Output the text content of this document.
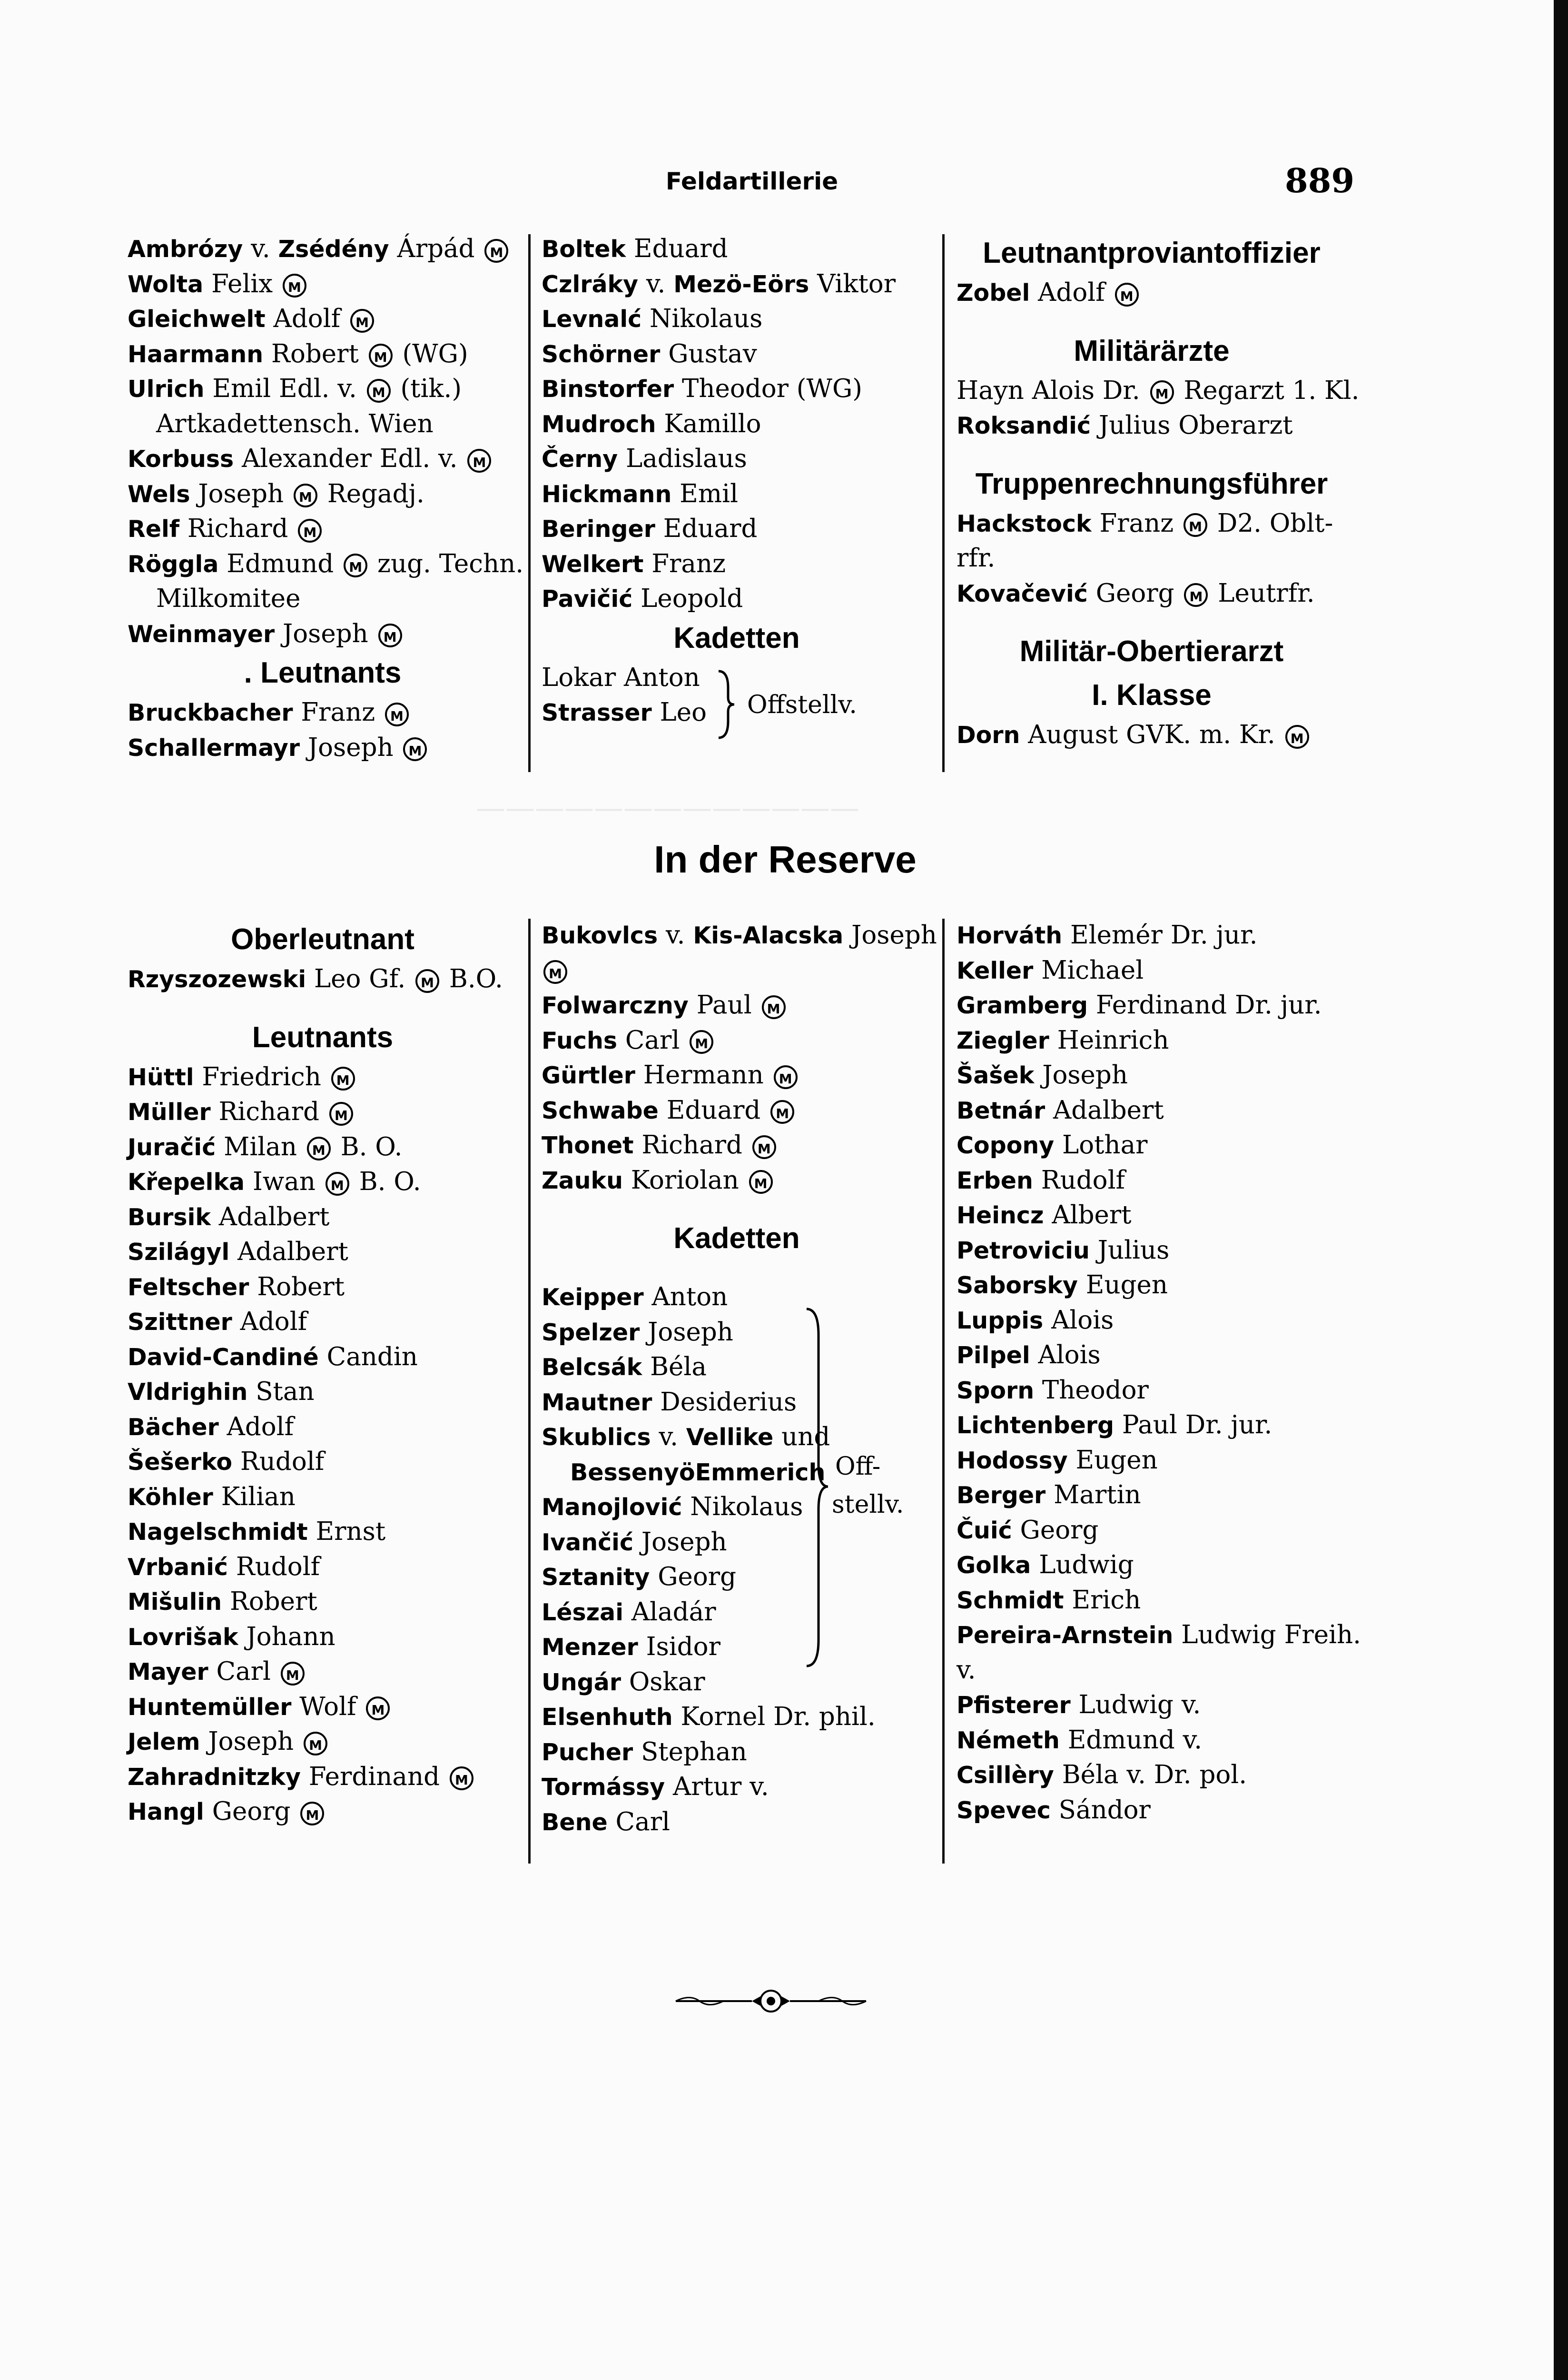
—————————————
Feldartillerie	889
Ambrózy v. Zsédény Árpád M
Wolta Felix M
Gleichwelt Adolf M
Haarmann Robert M (WG)
Ulrich Emil Edl. v. M (tik.)
Artkadettensch. Wien
Korbuss Alexander Edl. v. M
Wels Joseph M Regadj.
Relf Richard M
Röggla Edmund M zug. Techn.
Milkomitee
Weinmayer Joseph M
. Leutnants
Bruckbacher Franz M
Schallermayr Joseph M
Boltek Eduard
Czlráky v. Mezö-Eörs Viktor
Levnalć Nikolaus
Schörner Gustav
Binstorfer Theodor (WG)
Mudroch Kamillo
Černy Ladislaus
Hickmann Emil
Beringer Eduard
Welkert Franz
Pavičić Leopold
Kadetten
Lokar Anton
Strasser Leo
Leutnantproviantoffizier
Zobel Adolf M
Militärärzte
Hayn Alois Dr. M Regarzt 1. Kl.
Roksandić Julius Oberarzt
Truppenrechnungsführer
Hackstock Franz M D2. Oblt-
rfr.
Kovačević Georg M Leutrfr.
Militär-Obertierarzt
I. Klasse
Dorn August GVK. m. Kr. M
Offstellv.
In der Reserve
Oberleutnant
Rzyszozewski Leo Gf. M B.O.
Leutnants
Hüttl Friedrich M
Müller Richard M
Juračić Milan M B. O.
Křepelka Iwan M B. O.
Bursik Adalbert
Szilágyl Adalbert
Feltscher Robert
Szittner Adolf
David-Candiné Candin
Vldrighin Stan
Bächer Adolf
Šešerko Rudolf
Köhler Kilian
Nagelschmidt Ernst
Vrbanić Rudolf
Mišulin Robert
Lovrišak Johann
Mayer Carl M
Huntemüller Wolf M
Jelem Joseph M
Zahradnitzky Ferdinand M
Hangl Georg M
Bukovlcs v. Kis-Alacska Joseph
M
Folwarczny Paul M
Fuchs Carl M
Gürtler Hermann M
Schwabe Eduard M
Thonet Richard M
Zauku Koriolan M
Kadetten
Keipper Anton
Spelzer Joseph
Belcsák Béla
Mautner Desiderius
Skublics v. Vellike und
BessenyöEmmerich
Manojlović Nikolaus
Ivančić Joseph
Sztanity Georg
Lészai Aladár
Menzer Isidor
Ungár Oskar
Elsenhuth Kornel Dr. phil.
Pucher Stephan
Tormássy Artur v.
Bene Carl
Horváth Elemér Dr. jur.
Keller Michael
Gramberg Ferdinand Dr. jur.
Ziegler Heinrich
Šašek Joseph
Betnár Adalbert
Copony Lothar
Erben Rudolf
Heincz Albert
Petroviciu Julius
Saborsky Eugen
Luppis Alois
Pilpel Alois
Sporn Theodor
Lichtenberg Paul Dr. jur.
Hodossy Eugen
Berger Martin
Čuić Georg
Golka Ludwig
Schmidt Erich
Pereira-Arnstein Ludwig Freih.
v.
Pfisterer Ludwig v.
Németh Edmund v.
Csillèry Béla v. Dr. pol.
Spevec Sándor
Off-
stellv.
